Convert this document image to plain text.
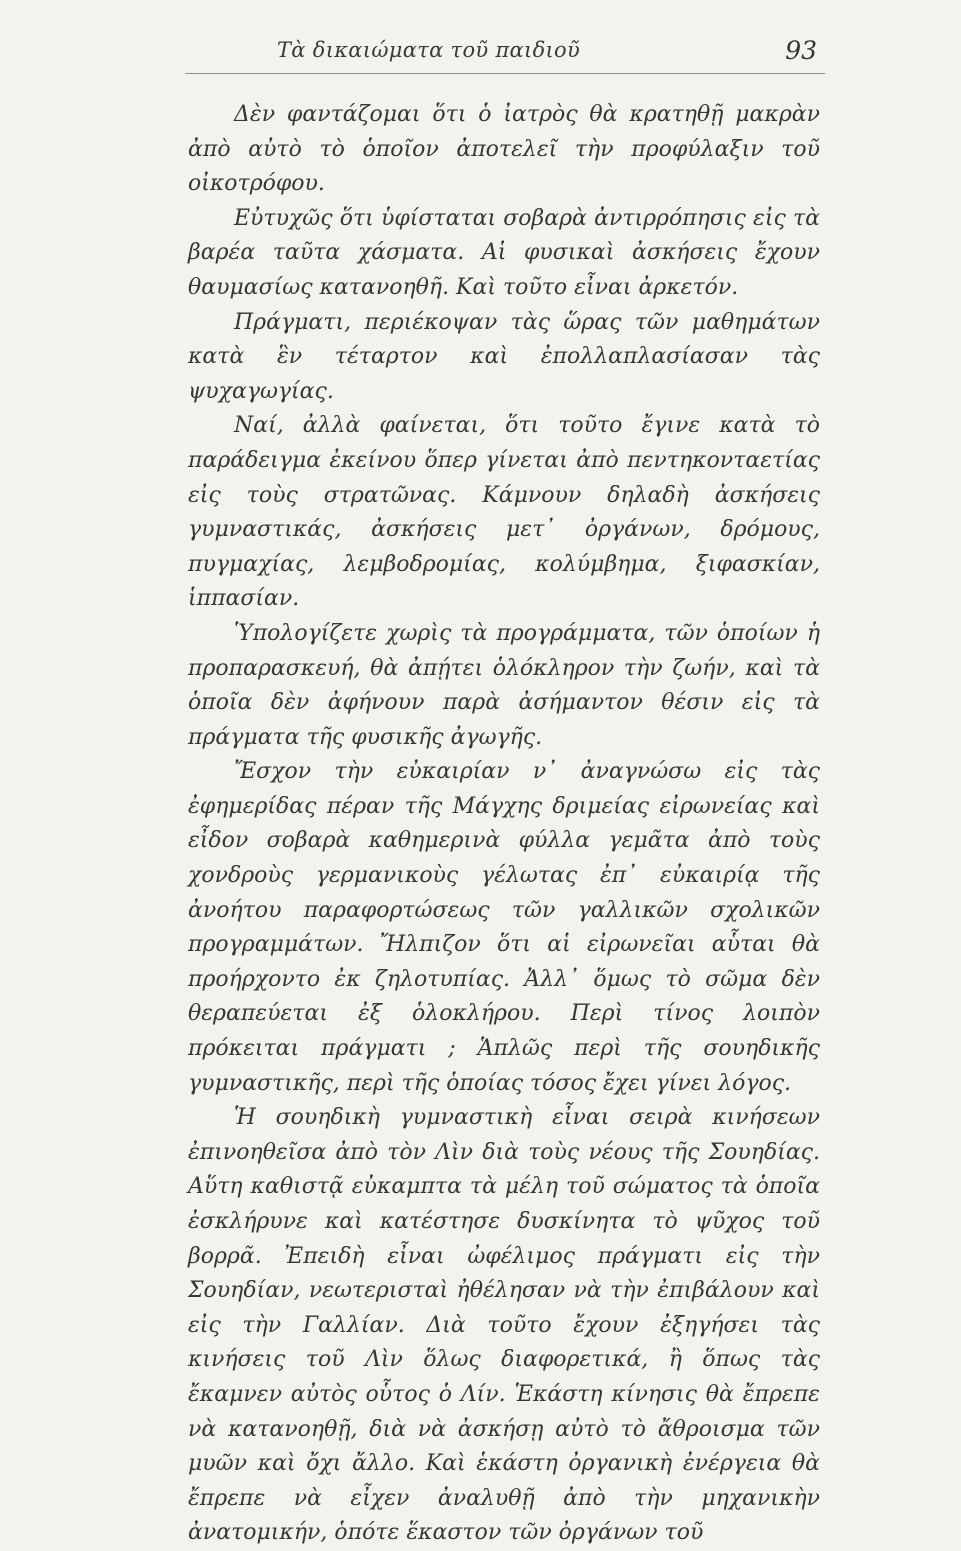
Τὰ δικαιώματα τοῦ παιδιοῦ	93

Δὲν φαντάζομαι ὅτι ὁ ἰατρὸς θὰ κρατηθῇ μακρὰν ἀπὸ αὐτὸ τὸ ὁποῖον ἀποτελεῖ τὴν προφύλαξιν τοῦ οἰκοτρόφου.

Εὐτυχῶς ὅτι ὑφίσταται σοβαρὰ ἀντιρρόπησις εἰς τὰ βαρέα ταῦτα χάσματα. Αἱ φυσικαὶ ἀσκήσεις ἔχουν θαυμασίως κατανοηθῆ. Καὶ τοῦτο εἶναι ἀρκετόν.

Πράγματι, περιέκοψαν τὰς ὥρας τῶν μαθημάτων κατὰ ἓν τέταρτον καὶ ἐπολλαπλασίασαν τὰς ψυχαγωγίας.

Ναί, ἀλλὰ φαίνεται, ὅτι τοῦτο ἔγινε κατὰ τὸ παράδειγμα ἐκείνου ὅπερ γίνεται ἀπὸ πεντηκονταετίας εἰς τοὺς στρατῶνας. Κάμνουν δηλαδὴ ἀσκήσεις γυμναστικάς, ἀσκήσεις μετ᾽ ὀργάνων, δρόμους, πυγμαχίας, λεμβοδρομίας, κολύμβημα, ξιφασκίαν, ἱππασίαν.

Ὑπολογίζετε χωρὶς τὰ προγράμματα, τῶν ὁποίων ἡ προπαρασκευή, θὰ ἀπῄτει ὁλόκληρον τὴν ζωήν, καὶ τὰ ὁποῖα δὲν ἀφήνουν παρὰ ἀσήμαντον θέσιν εἰς τὰ πράγματα τῆς φυσικῆς ἀγωγῆς.

Ἔσχον τὴν εὐκαιρίαν ν᾽ ἀναγνώσω εἰς τὰς ἐφημερίδας πέραν τῆς Μάγχης δριμείας εἰρωνείας καὶ εἶδον σοβαρὰ καθημερινὰ φύλλα γεμᾶτα ἀπὸ τοὺς χονδροὺς γερμανικοὺς γέλωτας ἐπ᾽ εὐκαιρίᾳ τῆς ἀνοήτου παραφορτώσεως τῶν γαλλικῶν σχολικῶν προγραμμάτων. Ἤλπιζον ὅτι αἱ εἰρωνεῖαι αὗται θὰ προήρχοντο ἐκ ζηλοτυπίας. Ἀλλ᾽ ὅμως τὸ σῶμα δὲν θεραπεύεται ἐξ ὁλοκλήρου. Περὶ τίνος λοιπὸν πρόκειται πράγματι ; Ἁπλῶς περὶ τῆς σουηδικῆς γυμναστικῆς, περὶ τῆς ὁποίας τόσος ἔχει γίνει λόγος.

Ἡ σουηδικὴ γυμναστικὴ εἶναι σειρὰ κινήσεων ἐπινοηθεῖσα ἀπὸ τὸν Λὶν διὰ τοὺς νέους τῆς Σουηδίας. Αὕτη καθιστᾷ εὐκαμπτα τὰ μέλη τοῦ σώματος τὰ ὁποῖα ἐσκλήρυνε καὶ κατέστησε δυσκίνητα τὸ ψῦχος τοῦ βορρᾶ. Ἐπειδὴ εἶναι ὠφέλιμος πράγματι εἰς τὴν Σουηδίαν, νεωτερισταὶ ἠθέλησαν νὰ τὴν ἐπιβάλουν καὶ εἰς τὴν Γαλλίαν. Διὰ τοῦτο ἔχουν ἐξηγήσει τὰς κινήσεις τοῦ Λὶν ὅλως διαφορετικά, ἢ ὅπως τὰς ἔκαμνεν αὐτὸς οὗτος ὁ Λίν. Ἑκάστη κίνησις θὰ ἔπρεπε νὰ κατανοηθῇ, διὰ νὰ ἀσκήσῃ αὐτὸ τὸ ἄθροισμα τῶν μυῶν καὶ ὄχι ἄλλο. Καὶ ἑκάστη ὀργανικὴ ἐνέργεια θὰ ἔπρεπε νὰ εἶχεν ἀναλυθῇ ἀπὸ τὴν μηχανικὴν ἀνατομικήν, ὁπότε ἕκαστον τῶν ὀργάνων τοῦ
